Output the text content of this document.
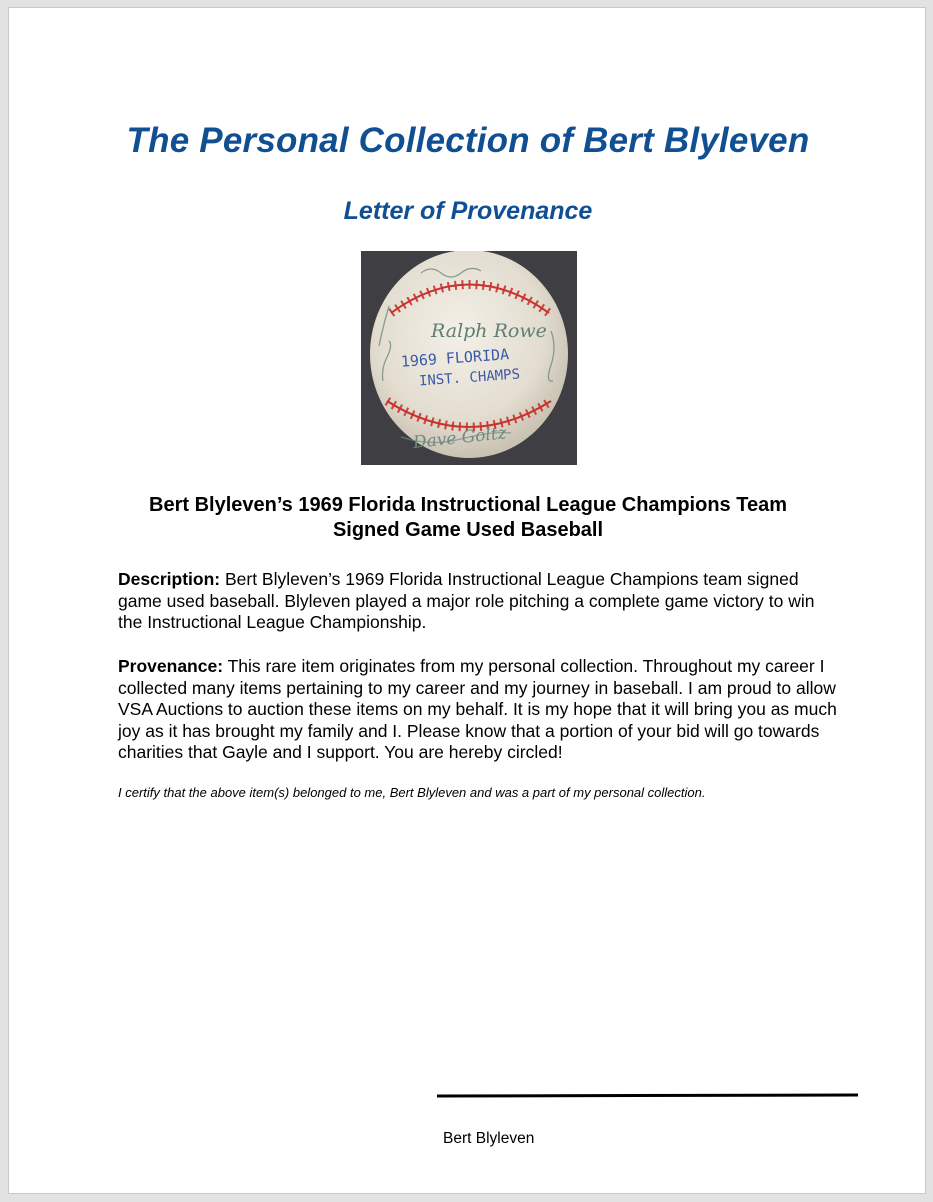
The Personal Collection of Bert Blyleven
Letter of Provenance
Ralph Rowe
1969 FLORIDA
INST. CHAMPS
Dave Goltz
Bert Blyleven’s 1969 Florida Instructional League Champions Team
Signed Game Used Baseball
Description: Bert Blyleven’s 1969 Florida Instructional League Champions team signed game used baseball. Blyleven played a major role pitching a complete game victory to win the Instructional League Championship.
Provenance: This rare item originates from my personal collection. Throughout my career I collected many items pertaining to my career and my journey in baseball. I am proud to allow VSA Auctions to auction these items on my behalf. It is my hope that it will bring you as much joy as it has brought my family and I. Please know that a portion of your bid will go towards charities that Gayle and I support. You are hereby circled!
I certify that the above item(s) belonged to me, Bert Blyleven and was a part of my personal collection.
Bert Blyleven
